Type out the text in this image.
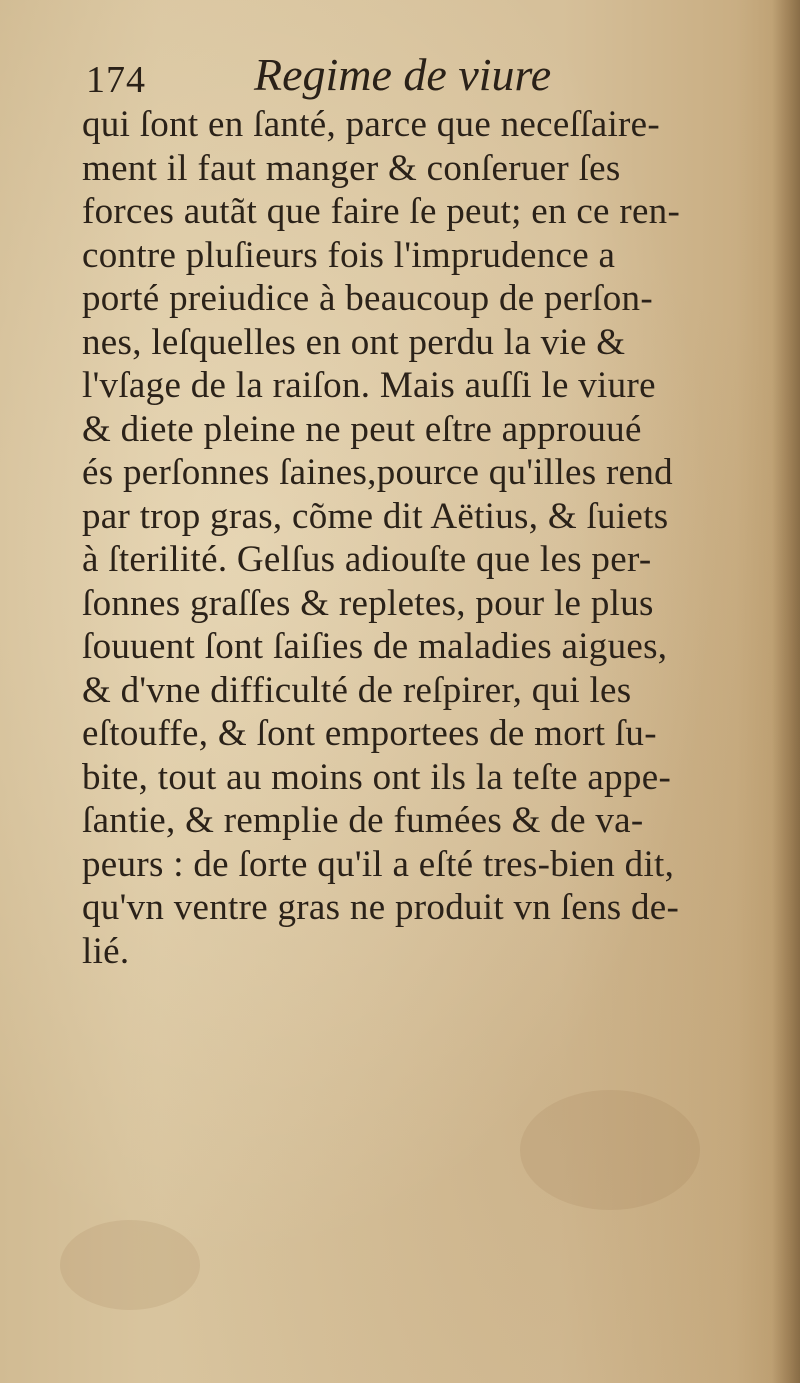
174 Regime de viure
qui ſont en ſanté, parce que neceſſaire-
ment il faut manger & conſeruer ſes
forces autãt que faire ſe peut; en ce ren-
contre pluſieurs fois l'imprudence a
porté preiudice à beaucoup de perſon-
nes, leſquelles en ont perdu la vie &
l'vſage de la raiſon. Mais auſſi le viure
& diete pleine ne peut eſtre approuué
és perſonnes ſaines,pource qu'illes rend
par trop gras, cõme dit Aëtius, & ſuiets
à ſterilité. Gelſus adiouſte que les per-
ſonnes graſſes & repletes, pour le plus
ſouuent ſont ſaiſies de maladies aigues,
& d'vne difficulté de reſpirer, qui les
eſtouffe, & ſont emportees de mort ſu-
bite, tout au moins ont ils la teſte appe-
ſantie, & remplie de fumées & de va-
peurs : de ſorte qu'il a eſté tres-bien dit,
qu'vn ventre gras ne produit vn ſens de-
lié.
